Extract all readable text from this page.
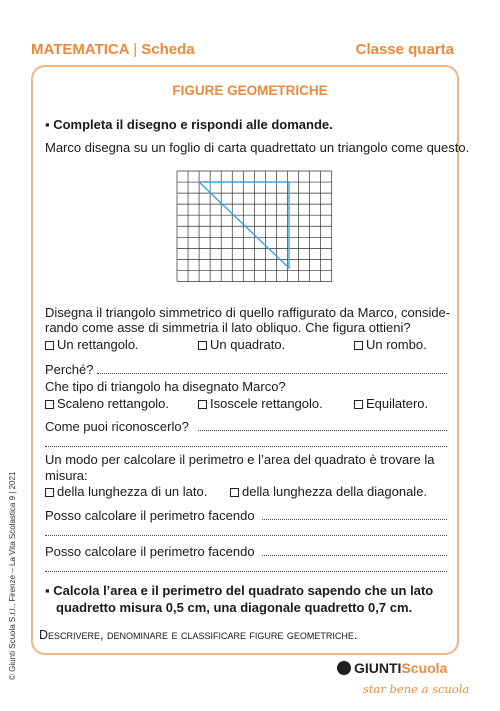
MATEMATICA | Scheda	Classe quarta
FIGURE GEOMETRICHE
▪ Completa il disegno e rispondi alle domande.
Marco disegna su un foglio di carta quadrettato un triangolo come questo.
Disegna il triangolo simmetrico di quello raffigurato da Marco, conside-
rando come asse di simmetria il lato obliquo. Che figura ottieni?
Un rettangolo.	Un quadrato.	Un rombo.
Perché?
Che tipo di triangolo ha disegnato Marco?
Scaleno rettangolo.	Isoscele rettangolo.	Equilatero.
Come puoi riconoscerlo?
Un modo per calcolare il perimetro e l’area del quadrato è trovare la
misura:
della lunghezza di un lato.	della lunghezza della diagonale.
Posso calcolare il perimetro facendo
Posso calcolare il perimetro facendo
▪ Calcola l’area e il perimetro del quadrato sapendo che un lato
quadretto misura 0,5 cm, una diagonale quadretto 0,7 cm.
Descrivere, denominare e classificare figure geometriche.
© Giunti Scuola S.r.l., Firenze – La Vita Scolastica 9 | 2021	GIUNTIScuola
star bene a scuola
